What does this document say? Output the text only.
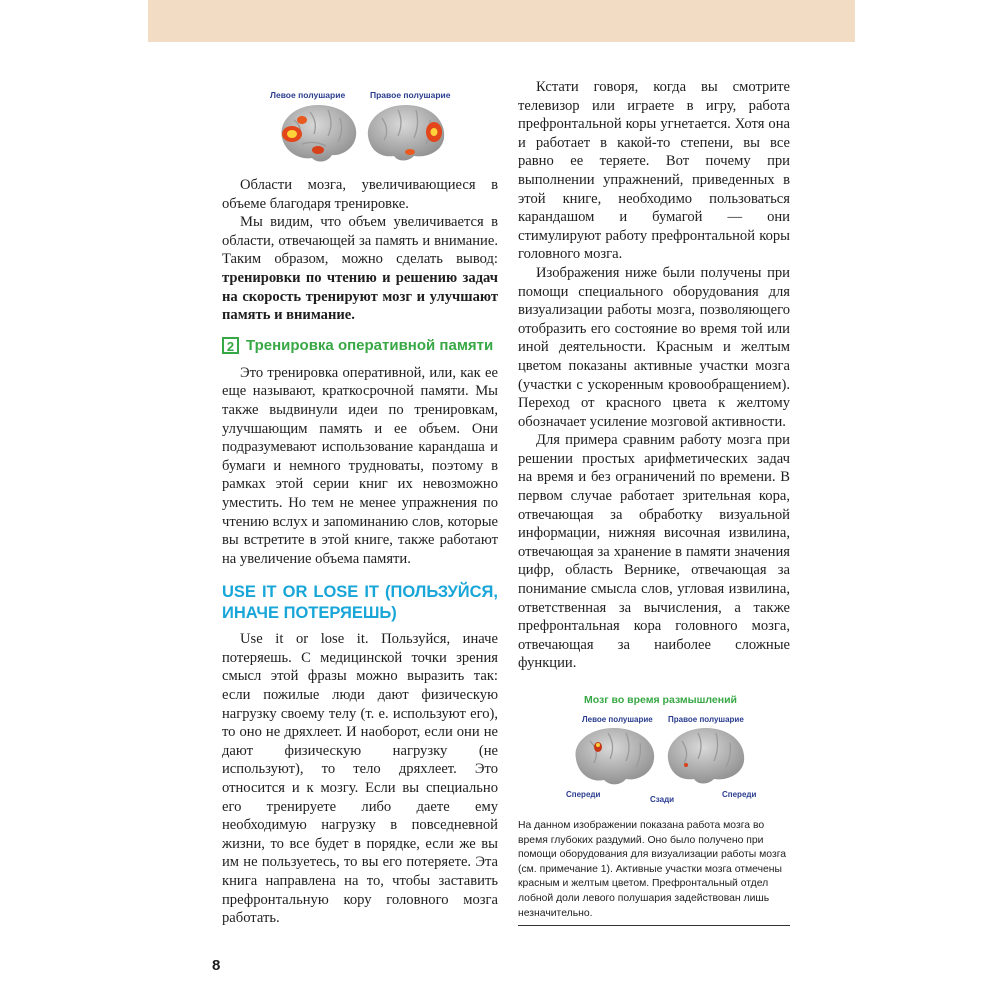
Левое полушарие	Правое полушарие

Области мозга, увеличивающиеся в объеме благодаря тренировке.

Мы видим, что объем увеличивается в области, отвечающей за память и внимание. Таким образом, можно сделать вывод: тренировки по чтению и решению задач на скорость тренируют мозг и улучшают память и внимание.

2 Тренировка оперативной памяти

Это тренировка оперативной, или, как ее еще называют, краткосрочной памяти. Мы также выдвинули идеи по тренировкам, улучшающим память и ее объем. Они подразумевают использование карандаша и бумаги и немного трудноваты, поэтому в рамках этой серии книг их невозможно уместить. Но тем не менее упражнения по чтению вслух и запоминанию слов, которые вы встретите в этой книге, также работают на увеличение объема памяти.

USE IT OR LOSE IT (ПОЛЬЗУЙСЯ, ИНАЧЕ ПОТЕРЯЕШЬ)

Use it or lose it. Пользуйся, иначе потеряешь. С медицинской точки зрения смысл этой фразы можно выразить так: если пожилые люди дают физическую нагрузку своему телу (т. е. используют его), то оно не дряхлеет. И наоборот, если они не дают физическую нагрузку (не используют), то тело дряхлеет. Это относится и к мозгу. Если вы специально его тренируете либо даете ему необходимую нагрузку в повседневной жизни, то все будет в порядке, если же вы им не пользуетесь, то вы его потеряете. Эта книга направлена на то, чтобы заставить префронтальную кору головного мозга работать.

Кстати говоря, когда вы смотрите телевизор или играете в игру, работа префронтальной коры угнетается. Хотя она и работает в какой-то степени, вы все равно ее теряете. Вот почему при выполнении упражнений, приведенных в этой книге, необходимо пользоваться карандашом и бумагой — они стимулируют работу префронтальной коры головного мозга.

Изображения ниже были получены при помощи специального оборудования для визуализации работы мозга, позволяющего отобразить его состояние во время той или иной деятельности. Красным и желтым цветом показаны активные участки мозга (участки с ускоренным кровообращением). Переход от красного цвета к желтому обозначает усиление мозговой активности.

Для примера сравним работу мозга при решении простых арифметических задач на время и без ограничений по времени. В первом случае работает зрительная кора, отвечающая за обработку визуальной информации, нижняя височная извилина, отвечающая за хранение в памяти значения цифр, область Вернике, отвечающая за понимание смысла слов, угловая извилина, ответственная за вычисления, а также префронтальная кора головного мозга, отвечающая за наиболее сложные функции.

Мозг во время размышлений
Левое полушарие Правое полушарие
Спереди
Сзади
Спереди
На данном изображении показана работа мозга во время глубоких раздумий. Оно было получено при помощи оборудования для визуализации работы мозга (см. примечание 1). Активные участки мозга отмечены красным и желтым цветом. Префронтальный отдел лобной доли левого полушария задействован лишь незначительно.
8
